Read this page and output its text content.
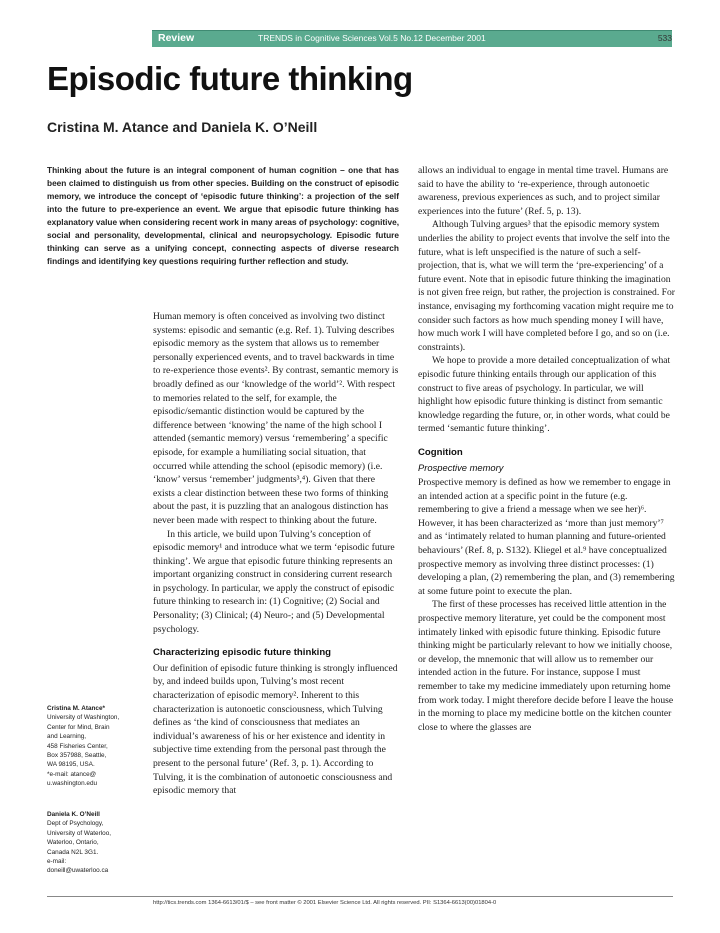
Review	TRENDS in Cognitive Sciences Vol.5 No.12 December 2001	533
Episodic future thinking
Cristina M. Atance and Daniela K. O’Neill

Thinking about the future is an integral component of human cognition – one that has been claimed to distinguish us from other species. Building on the construct of episodic memory, we introduce the concept of ‘episodic future thinking’: a projection of the self into the future to pre-experience an event. We argue that episodic future thinking has explanatory value when considering recent work in many areas of psychology: cognitive, social and personality, developmental, clinical and neuropsychology. Episodic future thinking can serve as a unifying concept, connecting aspects of diverse research findings and identifying key questions requiring further reflection and study.

Human memory is often conceived as involving two distinct systems: episodic and semantic (e.g. Ref. 1). Tulving describes episodic memory as the system that allows us to remember personally experienced events, and to travel backwards in time to re-experience those events². By contrast, semantic memory is broadly defined as our ‘knowledge of the world’². With respect to memories related to the self, for example, the episodic/semantic distinction would be captured by the difference between ‘knowing’ the name of the high school I attended (semantic memory) versus ‘remembering’ a specific episode, for example a humiliating social situation, that occurred while attending the school (episodic memory) (i.e. ‘know’ versus ‘remember’ judgments³,⁴). Given that there exists a clear distinction between these two forms of thinking about the past, it is puzzling that an analogous distinction has never been made with respect to thinking about the future.

In this article, we build upon Tulving’s conception of episodic memory¹ and introduce what we term ‘episodic future thinking’. We argue that episodic future thinking represents an important organizing construct in considering current research in psychology. In particular, we apply the construct of episodic future thinking to research in: (1) Cognitive; (2) Social and Personality; (3) Clinical; (4) Neuro-; and (5) Developmental psychology.

Characterizing episodic future thinking

Our definition of episodic future thinking is strongly influenced by, and indeed builds upon, Tulving’s most recent characterization of episodic memory². Inherent to this characterization is autonoetic consciousness, which Tulving defines as ‘the kind of consciousness that mediates an individual’s awareness of his or her existence and identity in subjective time extending from the personal past through the present to the personal future’ (Ref. 3, p. 1). According to Tulving, it is the combination of autonoetic consciousness and episodic memory that

allows an individual to engage in mental time travel. Humans are said to have the ability to ‘re-experience, through autonoetic awareness, previous experiences as such, and to project similar experiences into the future’ (Ref. 5, p. 13).

Although Tulving argues³ that the episodic memory system underlies the ability to project events that involve the self into the future, what is left unspecified is the nature of such a self-projection, that is, what we will term the ‘pre-experiencing’ of a future event. Note that in episodic future thinking the imagination is not given free reign, but rather, the projection is constrained. For instance, envisaging my forthcoming vacation might require me to consider such factors as how much spending money I will have, how much work I will have completed before I go, and so on (i.e. constraints).

We hope to provide a more detailed conceptualization of what episodic future thinking entails through our application of this construct to five areas of psychology. In particular, we will highlight how episodic future thinking is distinct from semantic knowledge regarding the future, or, in other words, what could be termed ‘semantic future thinking’.

Cognition
Prospective memory

Prospective memory is defined as how we remember to engage in an intended action at a specific point in the future (e.g. remembering to give a friend a message when we see her)⁶. However, it has been characterized as ‘more than just memory’⁷ and as ‘intimately related to human planning and future-oriented behaviours’ (Ref. 8, p. S132). Kliegel et al.⁹ have conceptualized prospective memory as involving three distinct processes: (1) developing a plan, (2) remembering the plan, and (3) remembering at some future point to execute the plan.

The first of these processes has received little attention in the prospective memory literature, yet could be the component most intimately linked with episodic future thinking. Episodic future thinking might be particularly relevant to how we initially choose, or develop, the mnemonic that will allow us to remember our intended action in the future. For instance, suppose I must remember to take my medicine immediately upon returning home from work today. I might therefore decide before I leave the house in the morning to place my medicine bottle on the kitchen counter close to where the glasses are

Cristina M. Atance*
University of Washington,
Center for Mind, Brain
and Learning,
458 Fisheries Center,
Box 357988, Seattle,
WA 98195, USA.
*e-mail: atance@
u.washington.edu
Daniela K. O’Neill
Dept of Psychology,
University of Waterloo,
Waterloo, Ontario,
Canada N2L 3G1.
e-mail:
doneill@uwaterloo.ca
http://tics.trends.com 1364-6613/01/$ – see front matter © 2001 Elsevier Science Ltd. All rights reserved. PII: S1364-6613(00)01804-0
